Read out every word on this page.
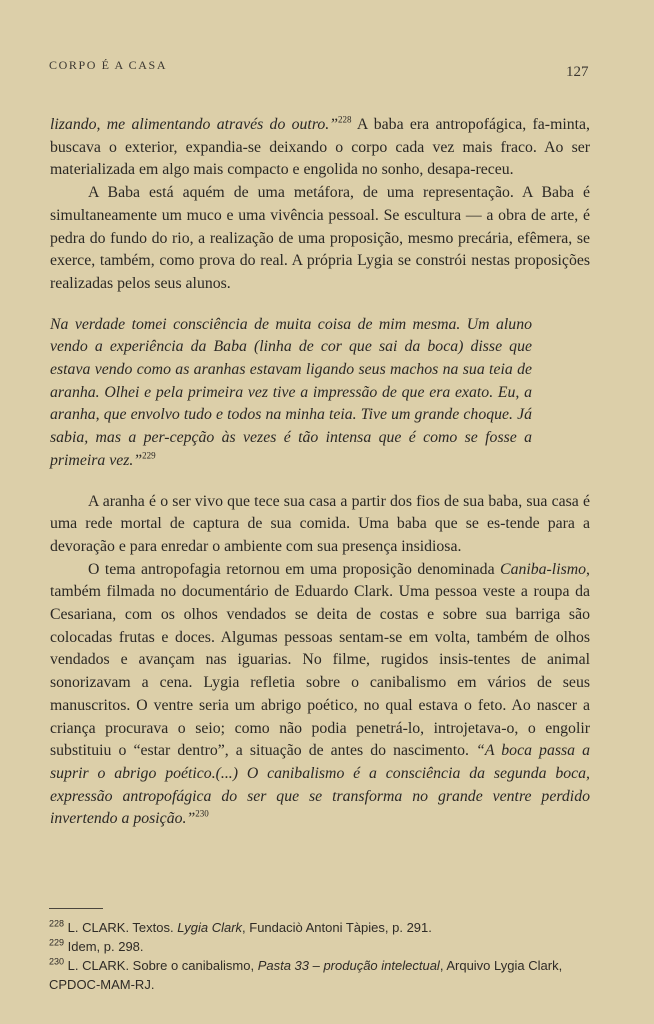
CORPO É A CASA	127

lizando, me alimentando através do outro.”$^{228}$ A baba era antropofágica, fa-minta, buscava o exterior, expandia-se deixando o corpo cada vez mais fraco. Ao ser materializada em algo mais compacto e engolida no sonho, desapa-receu.

A Baba está aquém de uma metáfora, de uma representação. A Baba é simultaneamente um muco e uma vivência pessoal. Se escultura — a obra de arte, é pedra do fundo do rio, a realização de uma proposição, mesmo precária, efêmera, se exerce, também, como prova do real. A própria Lygia se constrói nestas proposições realizadas pelos seus alunos.

Na verdade tomei consciência de muita coisa de mim mesma. Um aluno vendo a experiência da Baba (linha de cor que sai da boca) disse que estava vendo como as aranhas estavam ligando seus machos na sua teia de aranha. Olhei e pela primeira vez tive a impressão de que era exato. Eu, a aranha, que envolvo tudo e todos na minha teia. Tive um grande choque. Já sabia, mas a per-cepção às vezes é tão intensa que é como se fosse a primeira vez.”$^{229}$

A aranha é o ser vivo que tece sua casa a partir dos fios de sua baba, sua casa é uma rede mortal de captura de sua comida. Uma baba que se es-tende para a devoração e para enredar o ambiente com sua presença insidiosa.

O tema antropofagia retornou em uma proposição denominada Caniba-lismo, também filmada no documentário de Eduardo Clark. Uma pessoa veste a roupa da Cesariana, com os olhos vendados se deita de costas e sobre sua barriga são colocadas frutas e doces. Algumas pessoas sentam-se em volta, também de olhos vendados e avançam nas iguarias. No filme, rugidos insis-tentes de animal sonorizavam a cena. Lygia refletia sobre o canibalismo em vários de seus manuscritos. O ventre seria um abrigo poético, no qual estava o feto. Ao nascer a criança procurava o seio; como não podia penetrá-lo, introjetava-o, o engolir substituiu o “estar dentro”, a situação de antes do nascimento. “A boca passa a suprir o abrigo poético.(...) O canibalismo é a consciência da segunda boca, expressão antropofágica do ser que se transforma no grande ventre perdido invertendo a posição.”$^{230}$

$^{228}$ L. CLARK. Textos. Lygia Clark, Fundaciò Antoni Tàpies, p. 291.
$^{229}$ Idem, p. 298.
$^{230}$ L. CLARK. Sobre o canibalismo, Pasta 33 – produção intelectual, Arquivo Lygia Clark, CPDOC-MAM-RJ.
